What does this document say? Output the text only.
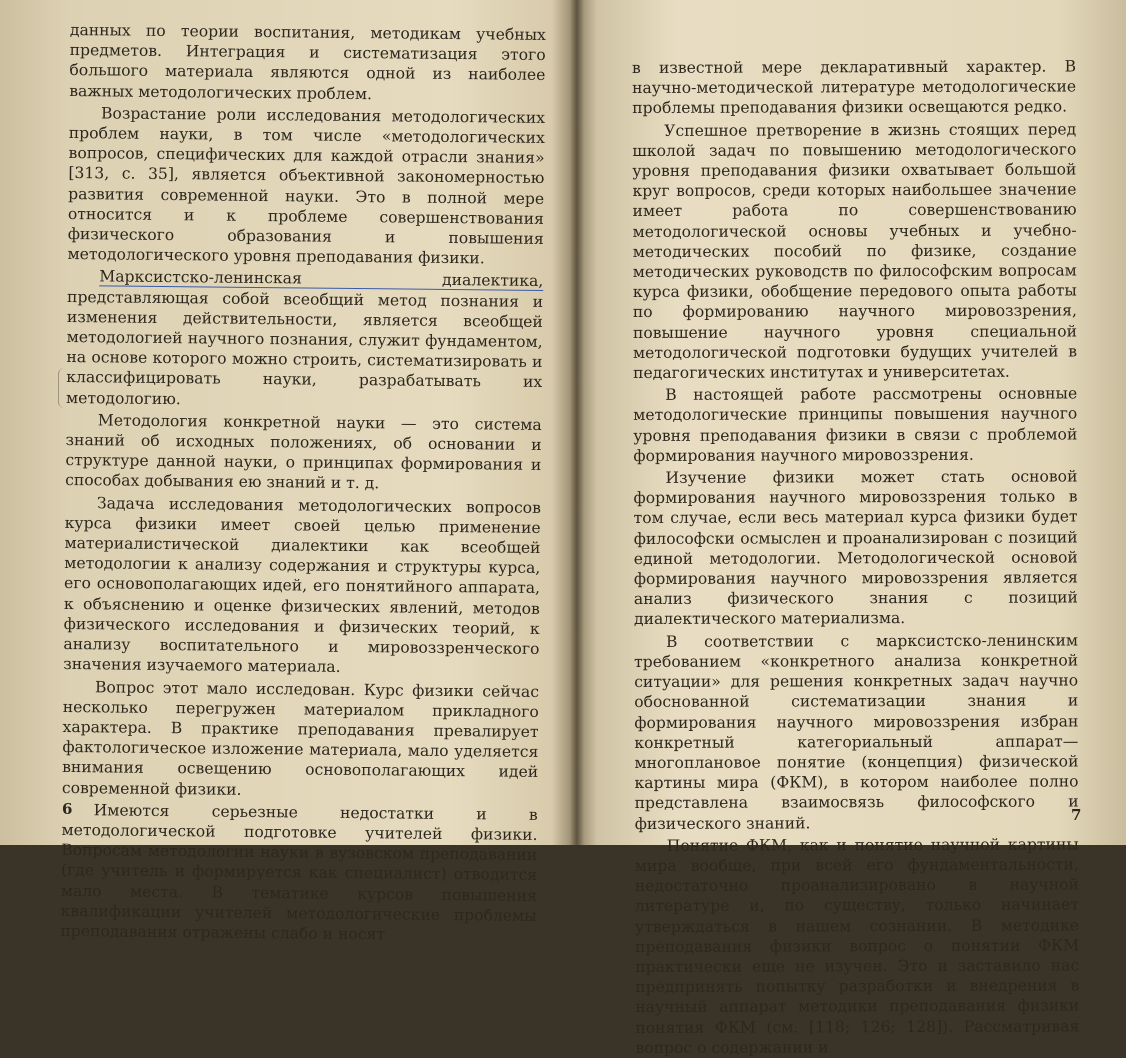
данных по теории воспитания, методикам учебных предметов. Интеграция и систематизация этого большого материала являются одной из наиболее важных методологических проблем.

Возрастание роли исследования методологических проблем науки, в том числе «методологических вопросов, специфических для каждой отрасли знания» [313, с. 35], является объективной закономерностью развития современной науки. Это в полной мере относится и к проблеме совершенствования физического образования и повышения методологического уровня преподавания физики.

Марксистско-ленинская диалектика, представляющая собой всеобщий метод познания и изменения действительности, является всеобщей методологией научного познания, служит фундаментом, на основе которого можно строить, систематизировать и классифицировать науки, разрабатывать их методологию.

Методология конкретной науки — это система знаний об исходных положениях, об основании и структуре данной науки, о принципах формирования и способах добывания ею знаний и т. д.

Задача исследования методологических вопросов курса физики имеет своей целью применение материалистической диалектики как всеобщей методологии к анализу содержания и структуры курса, его основополагающих идей, его понятийного аппарата, к объяснению и оценке физических явлений, методов физического исследования и физических теорий, к анализу воспитательного и мировоззренческого значения изучаемого материала.

Вопрос этот мало исследован. Курс физики сейчас несколько перегружен материалом прикладного характера. В практике преподавания превалирует фактологическое изложение материала, мало уделяется внимания освещению основополагающих идей современной физики.

Имеются серьезные недостатки и в методологической подготовке учителей физики. Вопросам методологии науки в вузовском преподавании (где учитель и формируется как специалист) отводится мало места. В тематике курсов повышения квалификации учителей методологические проблемы преподавания отражены слабо и носят

в известной мере декларативный характер. В научно-методической литературе методологические проблемы преподавания физики освещаются редко.

Успешное претворение в жизнь стоящих перед школой задач по повышению методологического уровня преподавания физики охватывает большой круг вопросов, среди которых наибольшее значение имеет работа по совершенствованию методологической основы учебных и учебно-методических пособий по физике, создание методических руководств по философским вопросам курса физики, обобщение передового опыта работы по формированию научного мировоззрения, повышение научного уровня специальной методологической подготовки будущих учителей в педагогических институтах и университетах.

В настоящей работе рассмотрены основные методологические принципы повышения научного уровня преподавания физики в связи с проблемой формирования научного мировоззрения.

Изучение физики может стать основой формирования научного мировоззрения только в том случае, если весь материал курса физики будет философски осмыслен и проанализирован с позиций единой методологии. Методологической основой формирования научного мировоззрения является анализ физического знания с позиций диалектического материализма.

В соответствии с марксистско-ленинским требованием «конкретного анализа конкретной ситуации» для решения конкретных задач научно обоснованной систематизации знания и формирования научного мировоззрения избран конкретный категориальный аппарат—многоплановое понятие (концепция) физической картины мира (ФКМ), в котором наиболее полно представлена взаимосвязь философского и физического знаний.

Понятие ФКМ, как и понятие научной картины мира вообще, при всей его фундаментальности, недостаточно проанализировано в научной литературе и, по существу, только начинает утверждаться в нашем сознании. В методике преподавания физики вопрос о понятии ФКМ практически еще не изучен. Это и заставило нас предпринять попытку разработки и внедрения в научный аппарат методики преподавания физики понятия ФКМ (см. [118; 126; 128]). Рассматривая вопрос о содержании и

6	7
